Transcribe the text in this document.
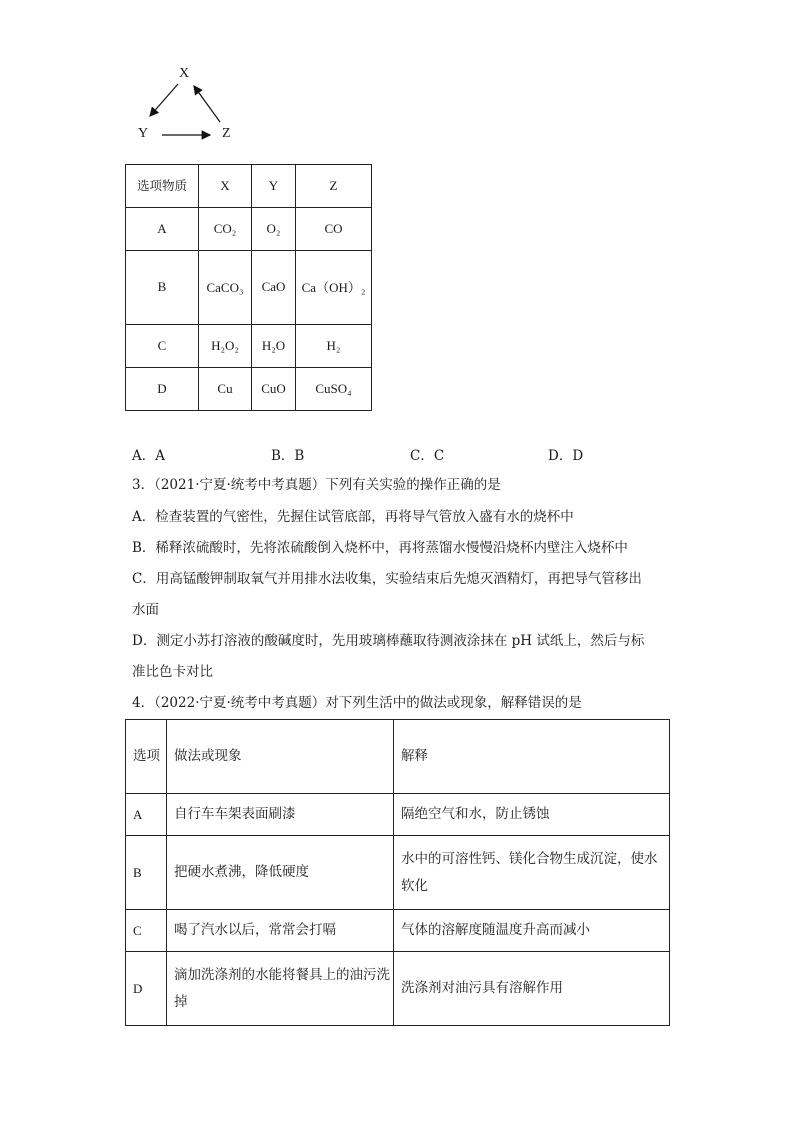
X
Y	Z
选项物质	X	Y	Z
A	CO₂	O₂	CO
B	CaCO₃	CaO	Ca（OH）₂
C	H₂O₂	H₂O	H₂
D	Cu	CuO	CuSO₄
A．A	B．B	C．C	D．D
3．（2021·宁夏·统考中考真题）下列有关实验的操作正确的是
A．检查装置的气密性，先握住试管底部，再将导气管放入盛有水的烧杯中
B．稀释浓硫酸时，先将浓硫酸倒入烧杯中，再将蒸馏水慢慢沿烧杯内壁注入烧杯中
C．用高锰酸钾制取氧气并用排水法收集，实验结束后先熄灭酒精灯，再把导气管移出
水面
D．测定小苏打溶液的酸碱度时，先用玻璃棒蘸取待测液涂抹在 pH 试纸上，然后与标
准比色卡对比
4．（2022·宁夏·统考中考真题）对下列生活中的做法或现象，解释错误的是
选项	做法或现象	解释
A	自行车车架表面刷漆	隔绝空气和水，防止锈蚀
B	把硬水煮沸，降低硬度	水中的可溶性钙、镁化合物生成沉淀，使水软化
C	喝了汽水以后，常常会打嗝	气体的溶解度随温度升高而减小
D	滴加洗涤剂的水能将餐具上的油污洗掉	洗涤剂对油污具有溶解作用
